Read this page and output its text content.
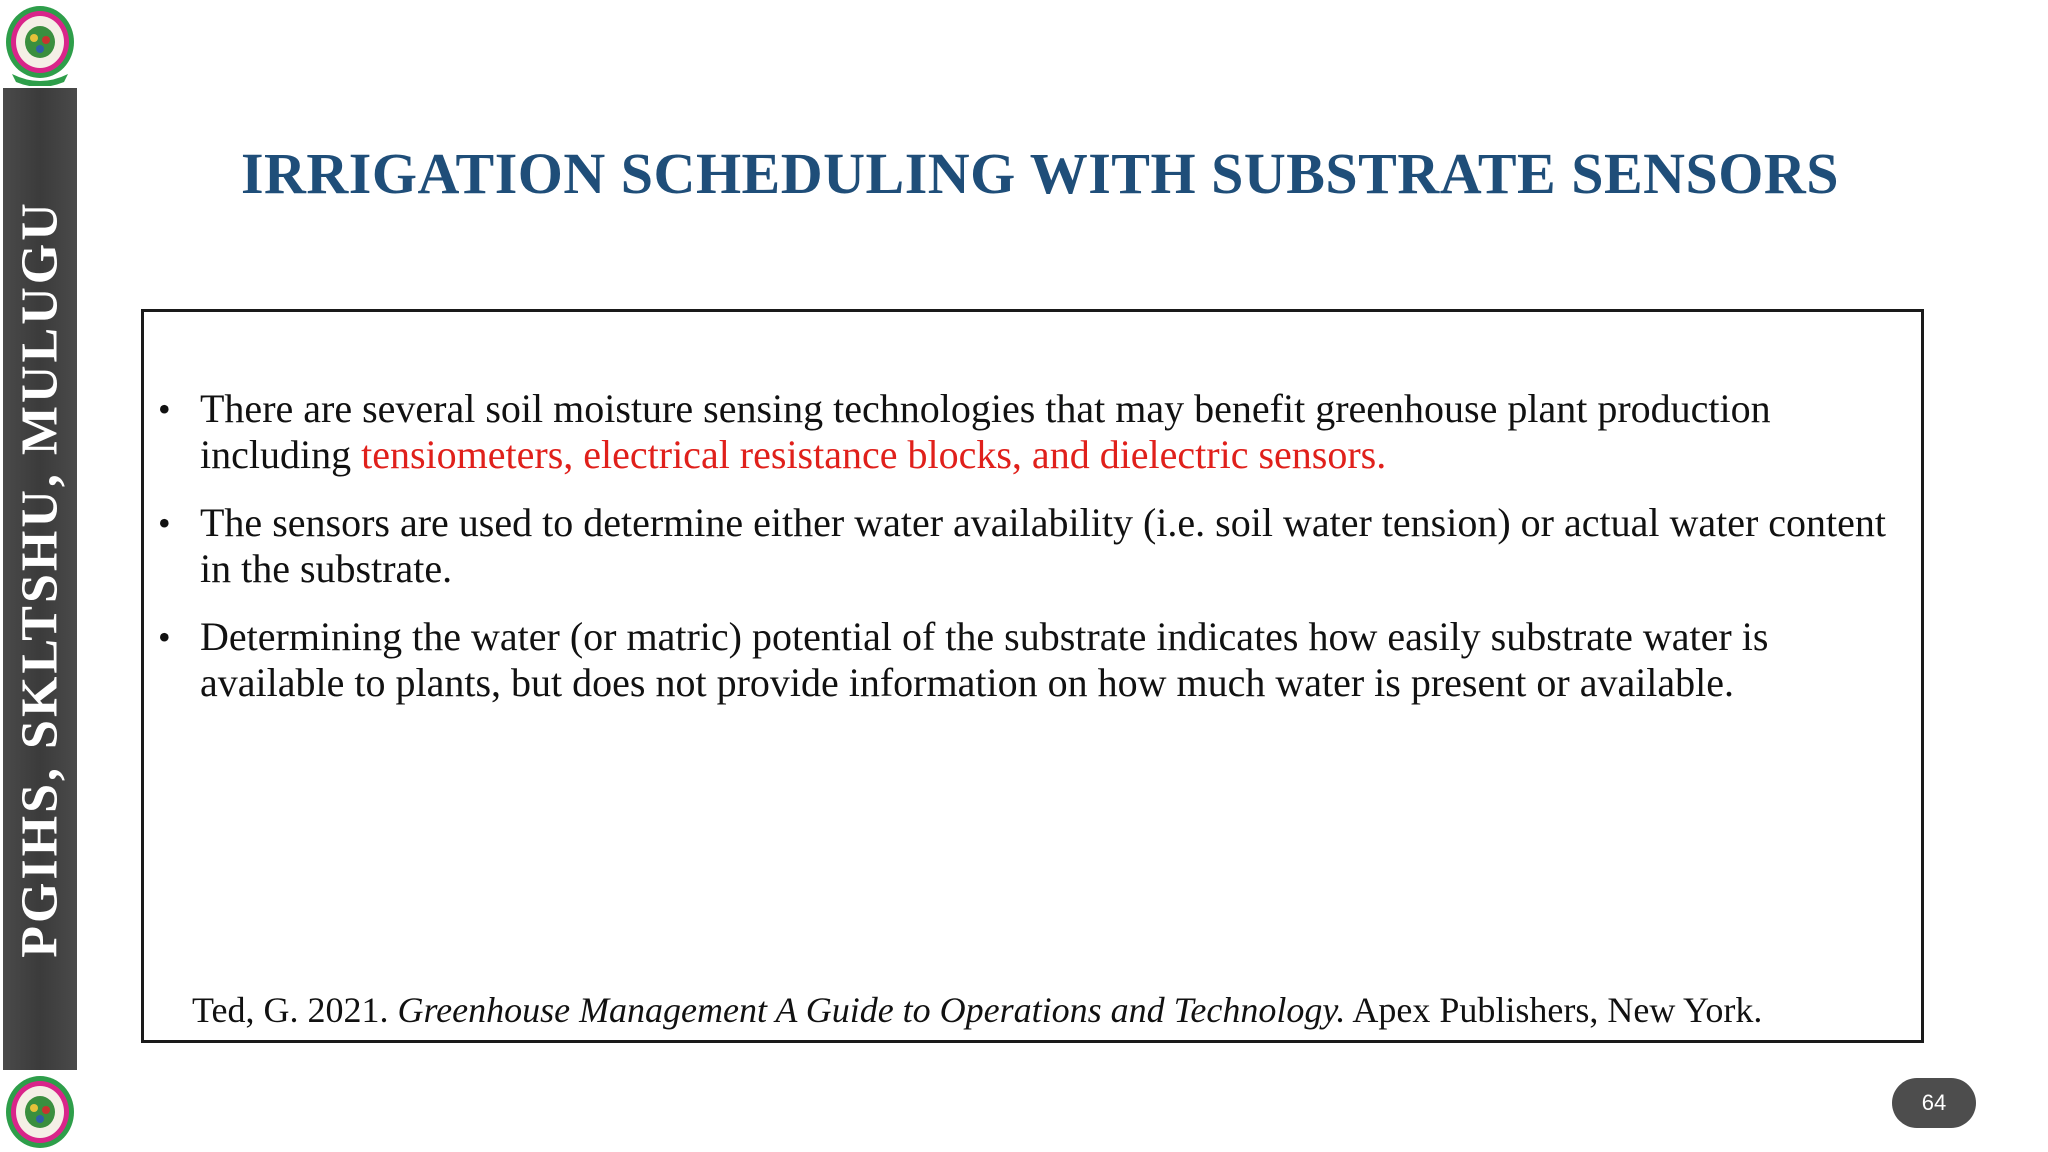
PGIHS, SKLTSHU, MULUGU
IRRIGATION SCHEDULING WITH SUBSTRATE SENSORS
• There are several soil moisture sensing technologies that may benefit greenhouse plant production including tensiometers, electrical resistance blocks, and dielectric sensors.
• The sensors are used to determine either water availability (i.e. soil water tension) or actual water content in the substrate.
• Determining the water (or matric) potential of the substrate indicates how easily substrate water is available to plants, but does not provide information on how much water is present or available.
Ted, G. 2021. Greenhouse Management A Guide to Operations and Technology. Apex Publishers, New York.
64
